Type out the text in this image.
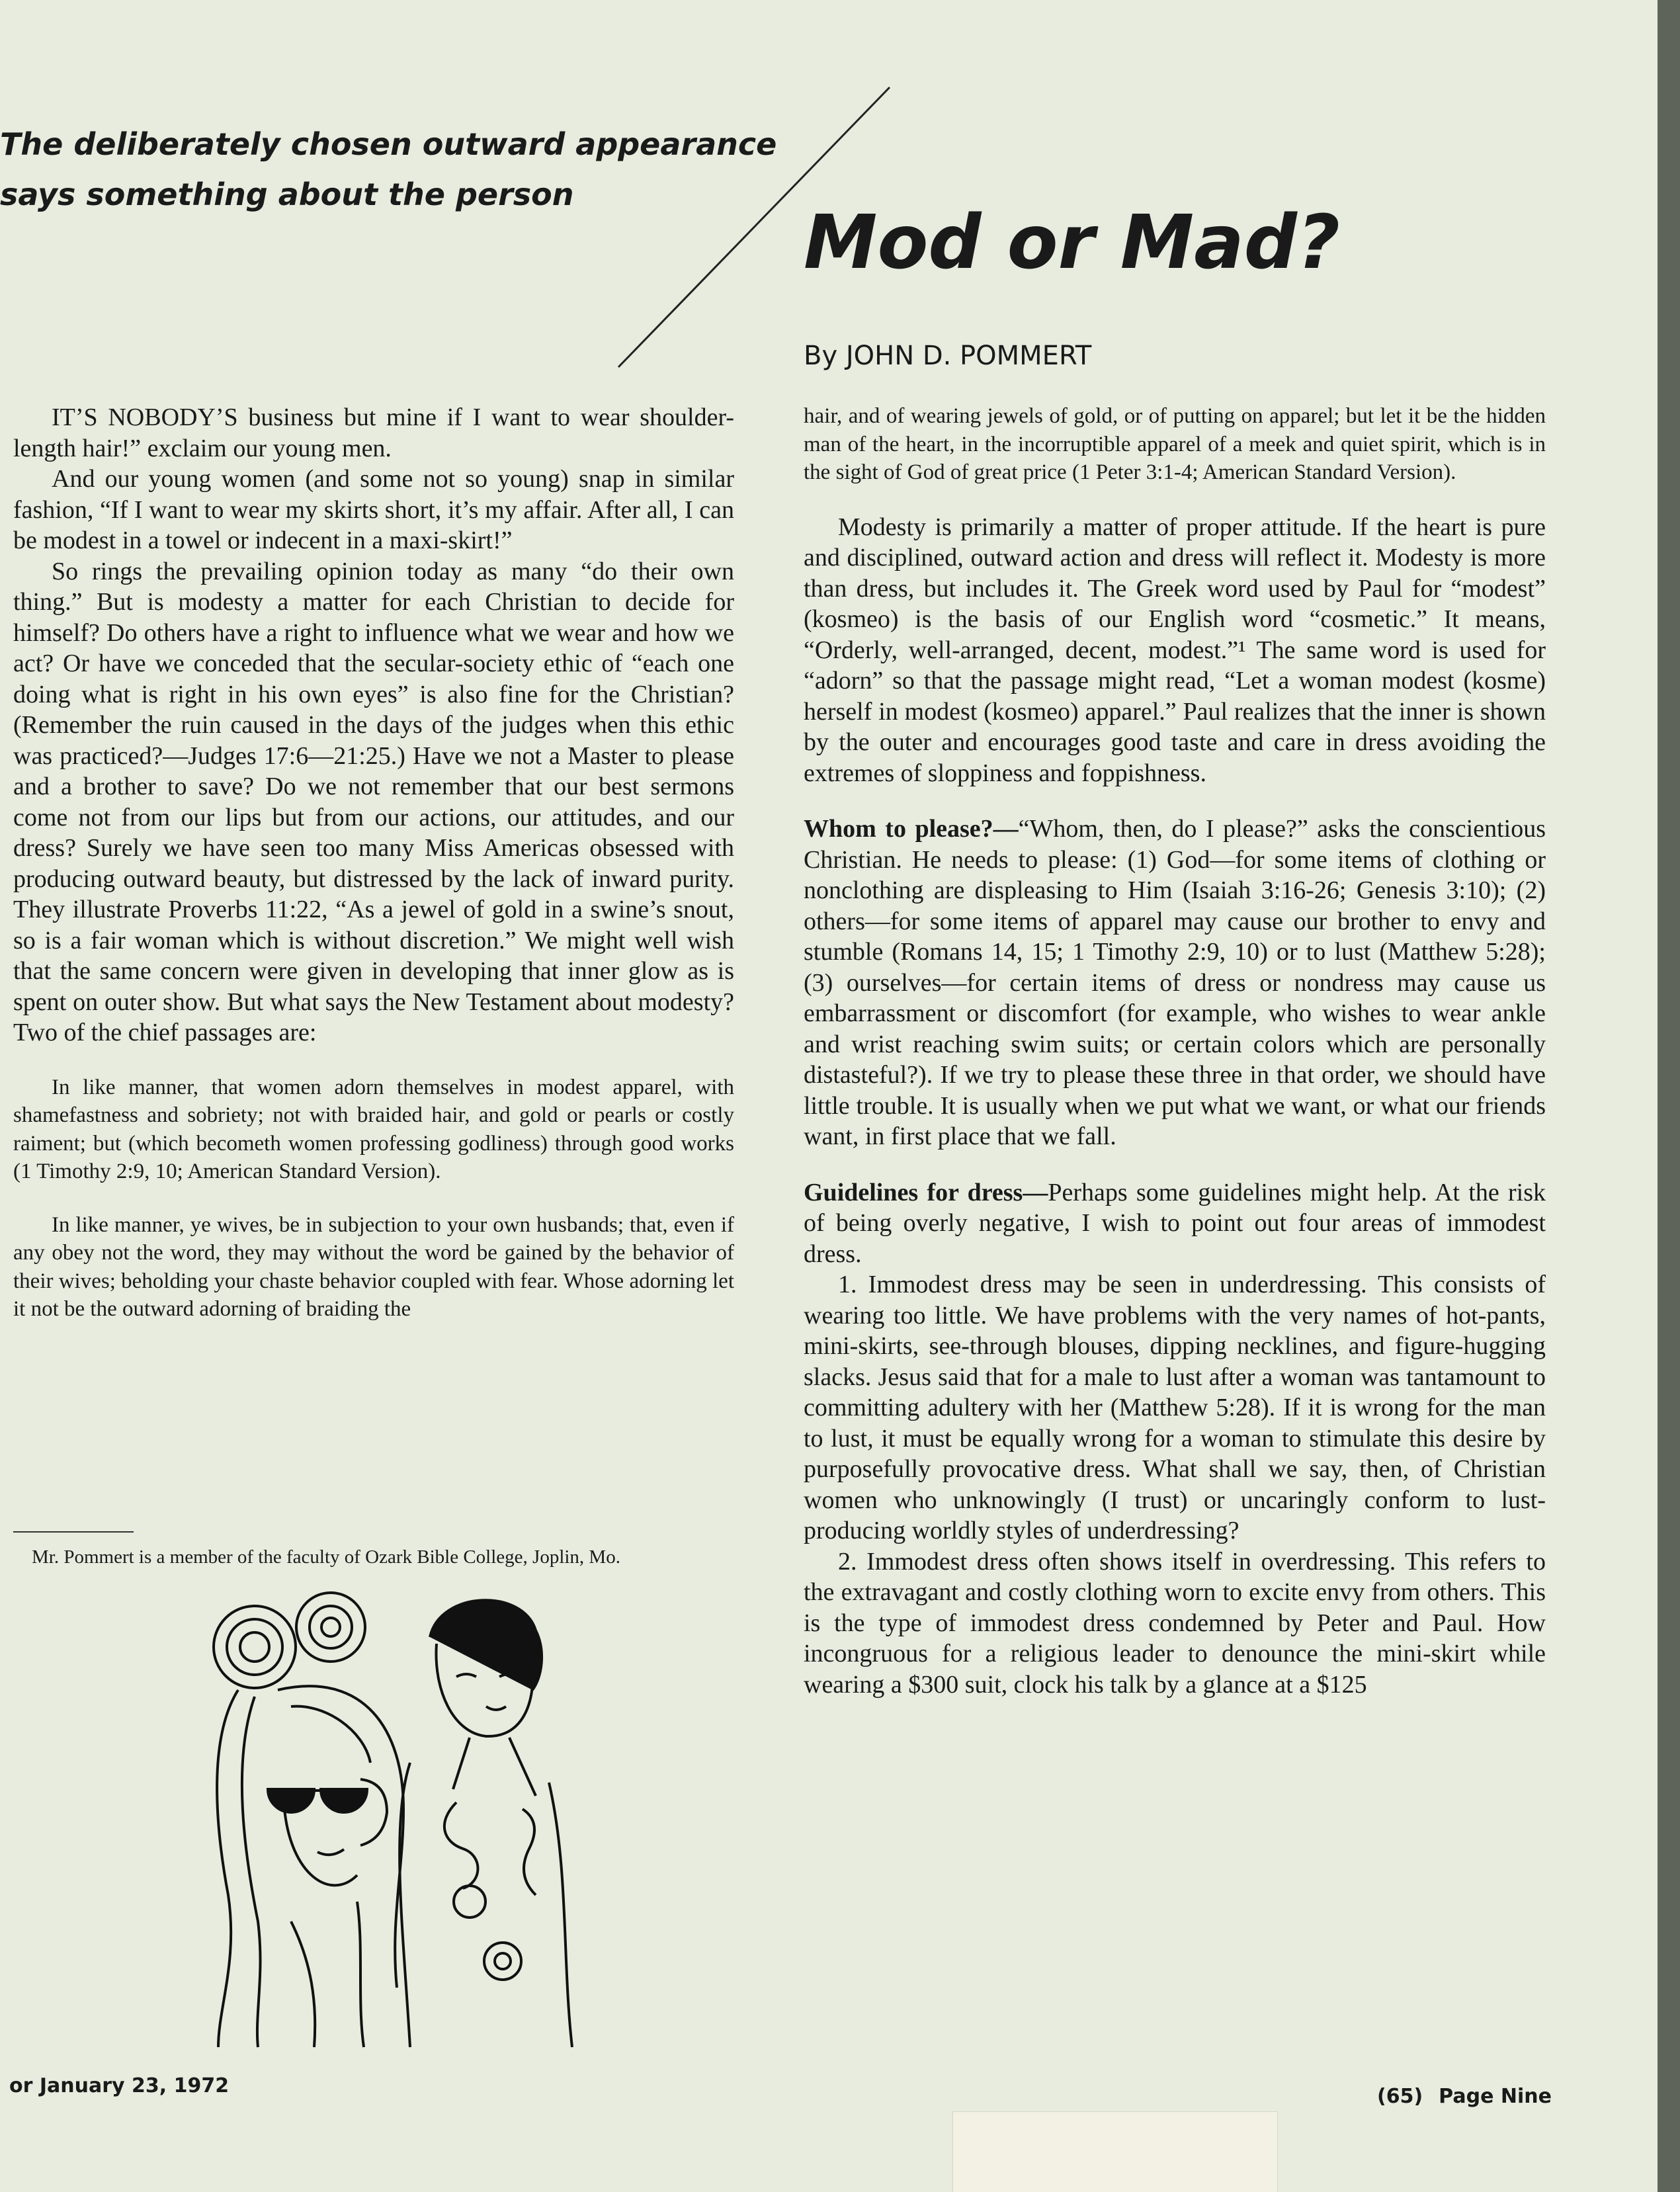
The deliberately chosen outward appearance
says something about the person
Mod or Mad?
By JOHN D. POMMERT

IT’S NOBODY’S business but mine if I want to wear shoulder-length hair!” exclaim our young men.

And our young women (and some not so young) snap in similar fashion, “If I want to wear my skirts short, it’s my affair. After all, I can be modest in a towel or indecent in a maxi-skirt!”

So rings the prevailing opinion today as many “do their own thing.” But is modesty a matter for each Christian to decide for himself? Do others have a right to influence what we wear and how we act? Or have we conceded that the secular-society ethic of “each one doing what is right in his own eyes” is also fine for the Christian? (Remember the ruin caused in the days of the judges when this ethic was practiced?—Judges 17:6—21:25.) Have we not a Master to please and a brother to save? Do we not remember that our best sermons come not from our lips but from our actions, our attitudes, and our dress? Surely we have seen too many Miss Americas obsessed with producing outward beauty, but distressed by the lack of inward purity. They illustrate Proverbs 11:22, “As a jewel of gold in a swine’s snout, so is a fair woman which is without discretion.” We might well wish that the same concern were given in developing that inner glow as is spent on outer show. But what says the New Testament about modesty? Two of the chief passages are:

In like manner, that women adorn themselves in modest apparel, with shamefastness and sobriety; not with braided hair, and gold or pearls or costly raiment; but (which becometh women professing godliness) through good works (1 Timothy 2:9, 10; American Standard Version).

In like manner, ye wives, be in subjection to your own husbands; that, even if any obey not the word, they may without the word be gained by the behavior of their wives; beholding your chaste behavior coupled with fear. Whose adorning let it not be the outward adorning of braiding the

Mr. Pommert is a member of the faculty of Ozark Bible College, Joplin, Mo.

hair, and of wearing jewels of gold, or of putting on apparel; but let it be the hidden man of the heart, in the incorruptible apparel of a meek and quiet spirit, which is in the sight of God of great price (1 Peter 3:1-4; American Standard Version).

Modesty is primarily a matter of proper attitude. If the heart is pure and disciplined, outward action and dress will reflect it. Modesty is more than dress, but includes it. The Greek word used by Paul for “modest” (kosmeo) is the basis of our English word “cosmetic.” It means, “Orderly, well-arranged, decent, modest.”¹ The same word is used for “adorn” so that the passage might read, “Let a woman modest (kosme) herself in modest (kosmeo) apparel.” Paul realizes that the inner is shown by the outer and encourages good taste and care in dress avoiding the extremes of sloppiness and foppishness.

Whom to please?—“Whom, then, do I please?” asks the conscientious Christian. He needs to please: (1) God—for some items of clothing or nonclothing are displeasing to Him (Isaiah 3:16-26; Genesis 3:10); (2) others—for some items of apparel may cause our brother to envy and stumble (Romans 14, 15; 1 Timothy 2:9, 10) or to lust (Matthew 5:28); (3) ourselves—for certain items of dress or nondress may cause us embarrassment or discomfort (for example, who wishes to wear ankle and wrist reaching swim suits; or certain colors which are personally distasteful?). If we try to please these three in that order, we should have little trouble. It is usually when we put what we want, or what our friends want, in first place that we fall.

Guidelines for dress—Perhaps some guidelines might help. At the risk of being overly negative, I wish to point out four areas of immodest dress.

1. Immodest dress may be seen in underdressing. This consists of wearing too little. We have problems with the very names of hot-pants, mini-skirts, see-through blouses, dipping necklines, and figure-hugging slacks. Jesus said that for a male to lust after a woman was tantamount to committing adultery with her (Matthew 5:28). If it is wrong for the man to lust, it must be equally wrong for a woman to stimulate this desire by purposefully provocative dress. What shall we say, then, of Christian women who unknowingly (I trust) or uncaringly conform to lust-producing worldly styles of underdressing?

2. Immodest dress often shows itself in overdressing. This refers to the extravagant and costly clothing worn to excite envy from others. This is the type of immodest dress condemned by Peter and Paul. How incongruous for a religious leader to denounce the mini-skirt while wearing a $300 suit, clock his talk by a glance at a $125

or January 23, 1972	(65) Page Nine
